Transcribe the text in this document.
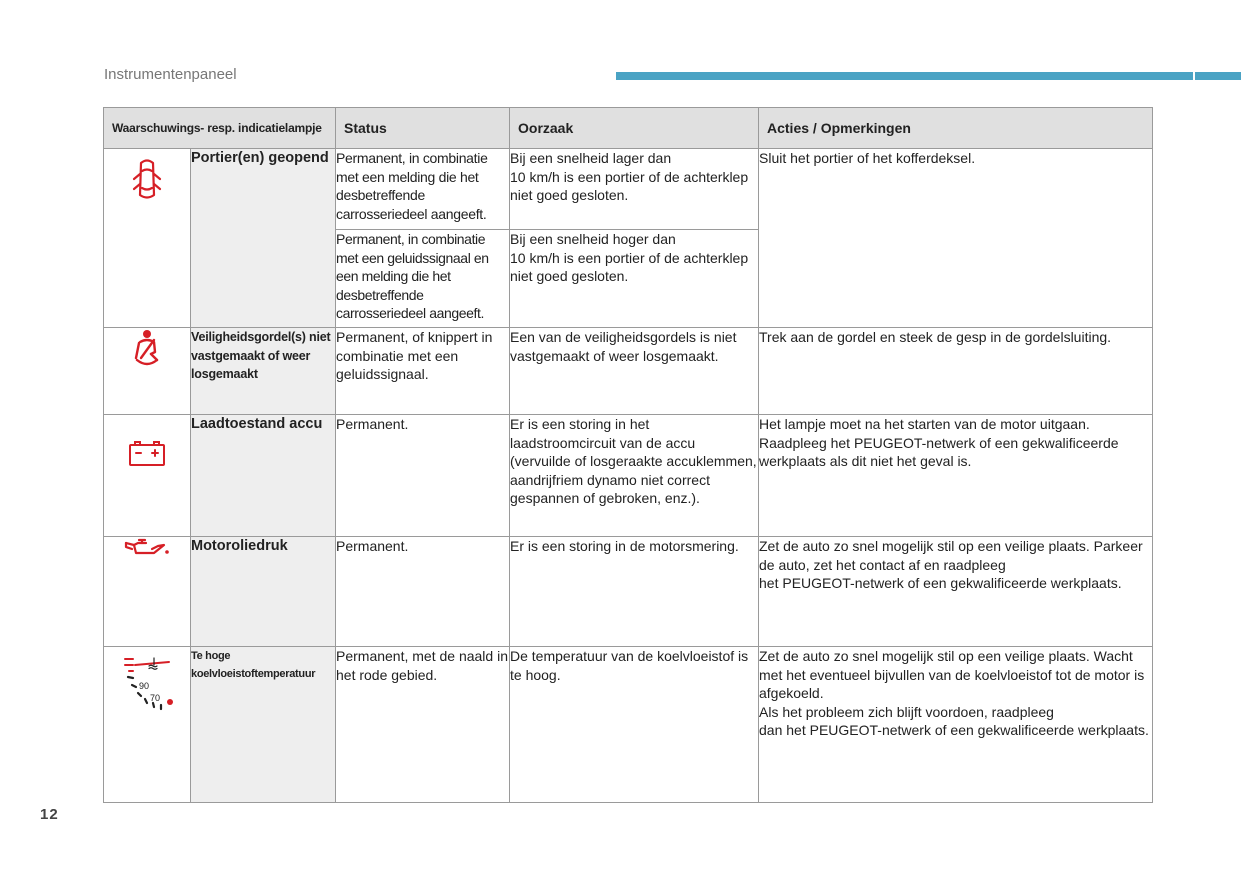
Instrumentenpaneel
Waarschuwings- resp. indicatielampje		Status	Oorzaak	Acties / Opmerkingen

Portier(en) geopend	Permanent, in combinatie met een melding die het desbetreffende carrosseriedeel aangeeft.	Bij een snelheid lager dan
10 km/h is een portier of de achterklep niet goed gesloten.	Sluit het portier of het kofferdeksel.
		Permanent, in combinatie met een geluidssignaal en een melding die het desbetreffende carrosseriedeel aangeeft.	Bij een snelheid hoger dan
10 km/h is een portier of de achterklep niet goed gesloten.	

Veiligheidsgordel(s) niet vastgemaakt of weer losgemaakt	Permanent, of knippert in combinatie met een geluidssignaal.	Een van de veiligheidsgordels is niet vastgemaakt of weer losgemaakt.	Trek aan de gordel en steek de gesp in de gordelsluiting.

Laadtoestand accu	Permanent.	Er is een storing in het laadstroomcircuit van de accu (vervuilde of losgeraakte accuklemmen, aandrijfriem dynamo niet correct gespannen of gebroken, enz.).	Het lampje moet na het starten van de motor uitgaan.
Raadpleeg het PEUGEOT-netwerk of een gekwalificeerde werkplaats als dit niet het geval is.

Motoroliedruk	Permanent.	Er is een storing in de motorsmering.	Zet de auto zo snel mogelijk stil op een veilige plaats. Parkeer de auto, zet het contact af en raadpleeg
het PEUGEOT-netwerk of een gekwalificeerde werkplaats.

90
70	Te hoge koelvloeistoftemperatuur	Permanent, met de naald in het rode gebied.	De temperatuur van de koelvloeistof is te hoog.	Zet de auto zo snel mogelijk stil op een veilige plaats. Wacht met het eventueel bijvullen van de koelvloeistof tot de motor is afgekoeld.
Als het probleem zich blijft voordoen, raadpleeg
dan het PEUGEOT-netwerk of een gekwalificeerde werkplaats.
12
